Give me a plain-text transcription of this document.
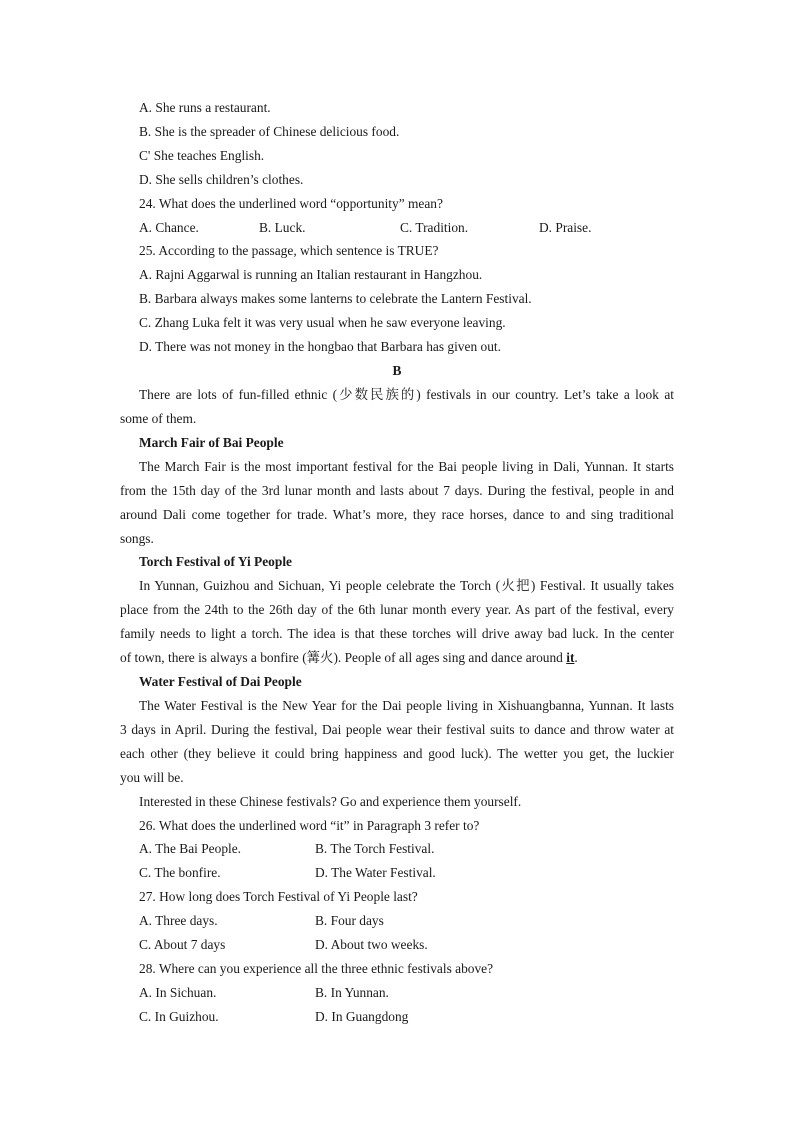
A. She runs a restaurant.
B. She is the spreader of Chinese delicious food.
C' She teaches English.
D. She sells children’s clothes.
24. What does the underlined word “opportunity” mean?
A. Chance.	B. Luck.	C. Tradition.	D. Praise.
25. According to the passage, which sentence is TRUE?
A. Rajni Aggarwal is running an Italian restaurant in Hangzhou.
B. Barbara always makes some lanterns to celebrate the Lantern Festival.
C. Zhang Luka felt it was very usual when he saw everyone leaving.
D. There was not money in the hongbao that Barbara has given out.
B
There are lots of fun-filled ethnic (少数民族的) festivals in our country. Let’s take a look at
some of them.
March Fair of Bai People
The March Fair is the most important festival for the Bai people living in Dali, Yunnan. It starts
from the 15th day of the 3rd lunar month and lasts about 7 days. During the festival, people in and
around Dali come together for trade. What’s more, they race horses, dance to and sing traditional
songs.
Torch Festival of Yi People
In Yunnan, Guizhou and Sichuan, Yi people celebrate the Torch (火把) Festival. It usually takes
place from the 24th to the 26th day of the 6th lunar month every year. As part of the festival, every
family needs to light a torch. The idea is that these torches will drive away bad luck. In the center
of town, there is always a bonfire (篝火). People of all ages sing and dance around it.
Water Festival of Dai People
The Water Festival is the New Year for the Dai people living in Xishuangbanna, Yunnan. It lasts
3 days in April. During the festival, Dai people wear their festival suits to dance and throw water at
each other (they believe it could bring happiness and good luck). The wetter you get, the luckier
you will be.
Interested in these Chinese festivals? Go and experience them yourself.
26. What does the underlined word “it” in Paragraph 3 refer to?
A. The Bai People.	B. The Torch Festival.
C. The bonfire.	D. The Water Festival.
27. How long does Torch Festival of Yi People last?
A. Three days.	B. Four days
C. About 7 days	D. About two weeks.
28. Where can you experience all the three ethnic festivals above?
A. In Sichuan.	B. In Yunnan.
C. In Guizhou.	D. In Guangdong
